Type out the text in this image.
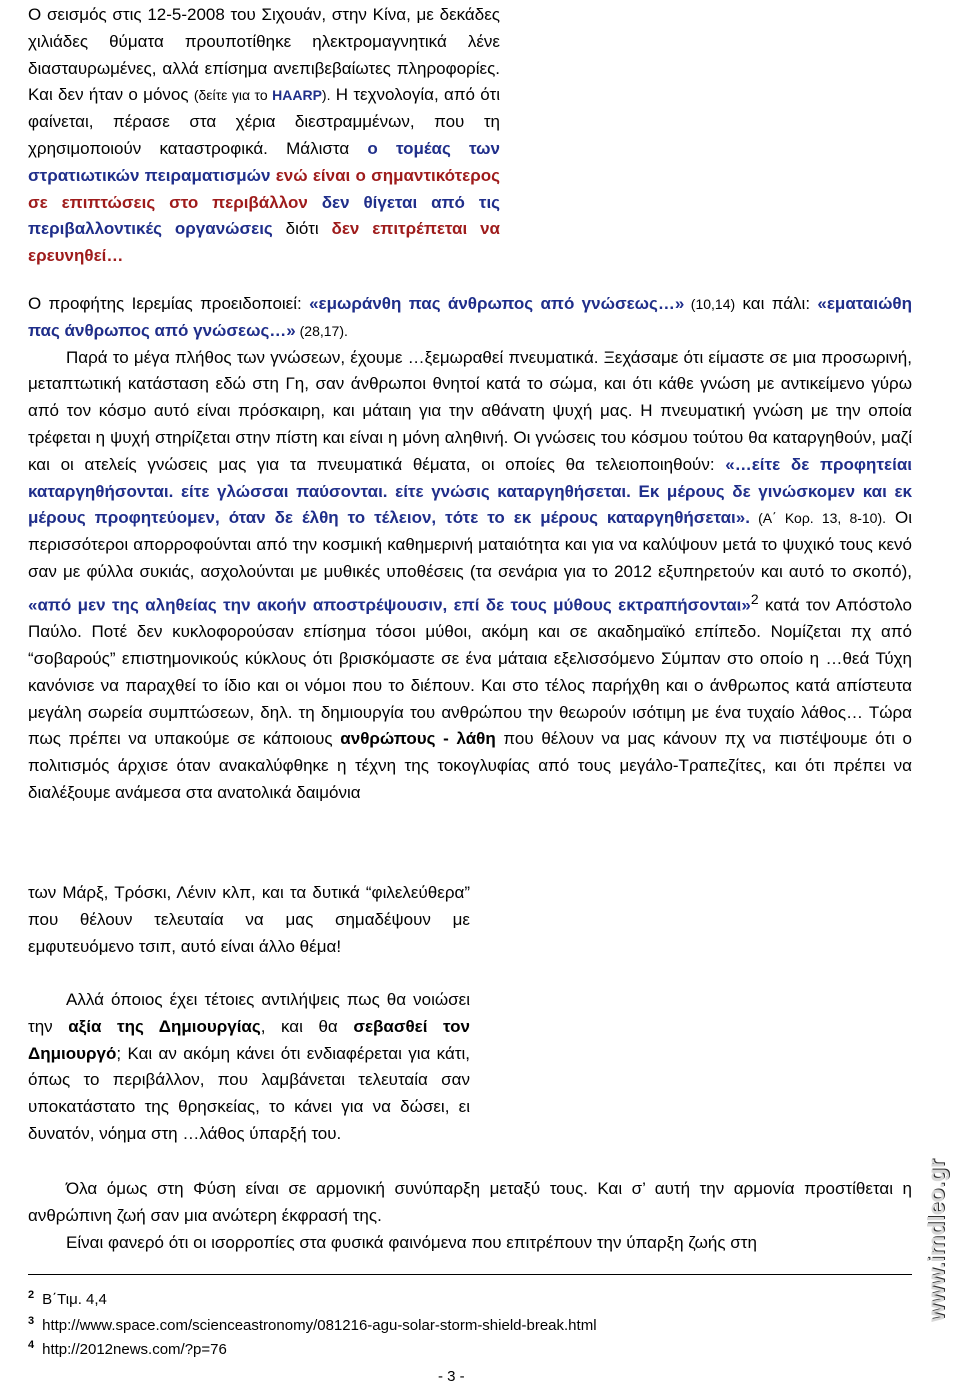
Ο σεισμός στις 12-5-2008 του Σιχουάν, στην Κίνα, με δεκάδες χιλιάδες θύματα προυποτίθηκε ηλεκτρομαγνητικά λένε διασταυρωμένες, αλλά επίσημα ανεπιβεβαίωτες πληροφορίες. Και δεν ήταν ο μόνος (δείτε για το HAARP). Η τεχνολογία, από ότι φαίνεται, πέρασε στα χέρια διεστραμμένων, που τη χρησιμοποιούν καταστροφικά. Μάλιστα ο τομέας των στρατιωτικών πειραματισμών ενώ είναι ο σημαντικότερος σε επιπτώσεις στο περιβάλλον δεν θίγεται από τις περιβαλλοντικές οργανώσεις διότι δεν επιτρέπεται να ερευνηθεί…

Ο προφήτης Ιερεμίας προειδοποιεί: «εμωράνθη πας άνθρωπος από γνώσεως…» (10,14) και πάλι: «εματαιώθη πας άνθρωπος από γνώσεως…» (28,17).

Παρά το μέγα πλήθος των γνώσεων, έχουμε …ξεμωραθεί πνευματικά. Ξεχάσαμε ότι είμαστε σε μια προσωρινή, μεταπτωτική κατάσταση εδώ στη Γη, σαν άνθρωποι θνητοί κατά το σώμα, και ότι κάθε γνώση με αντικείμενο γύρω από τον κόσμο αυτό είναι πρόσκαιρη, και μάταιη για την αθάνατη ψυχή μας. Η πνευματική γνώση με την οποία τρέφεται η ψυχή στηρίζεται στην πίστη και είναι η μόνη αληθινή. Οι γνώσεις του κόσμου τούτου θα καταργηθούν, μαζί και οι ατελείς γνώσεις μας για τα πνευματικά θέματα, οι οποίες θα τελειοποιηθούν: «…είτε δε προφητείαι καταργηθήσονται. είτε γλώσσαι παύσονται. είτε γνώσις καταργηθήσεται. Εκ μέρους δε γινώσκομεν και εκ μέρους προφητεύομεν, όταν δε έλθη το τέλειον, τότε το εκ μέρους καταργηθήσεται». (Α΄ Κορ. 13, 8-10). Οι περισσότεροι απορροφούνται από την κοσμική καθημερινή ματαιότητα και για να καλύψουν μετά το ψυχικό τους κενό σαν με φύλλα συκιάς, ασχολούνται με μυθικές υποθέσεις (τα σενάρια για το 2012 εξυπηρετούν και αυτό το σκοπό), «από μεν της αληθείας την ακοήν αποστρέψουσιν, επί δε τους μύθους εκτραπήσονται»$^2$ κατά τον Απόστολο Παύλο. Ποτέ δεν κυκλοφορούσαν επίσημα τόσοι μύθοι, ακόμη και σε ακαδημαϊκό επίπεδο. Νομίζεται πχ από “σοβαρούς” επιστημονικούς κύκλους ότι βρισκόμαστε σε ένα μάταια εξελισσόμενο Σύμπαν στο οποίο η …θεά Τύχη κανόνισε να παραχθεί το ίδιο και οι νόμοι που το διέπουν. Και στο τέλος παρήχθη και ο άνθρωπος κατά απίστευτα μεγάλη σωρεία συμπτώσεων, δηλ. τη δημιουργία του ανθρώπου την θεωρούν ισότιμη με ένα τυχαίο λάθος… Τώρα πως πρέπει να υπακούμε σε κάποιους ανθρώπους - λάθη που θέλουν να μας κάνουν πχ να πιστέψουμε ότι ο πολιτισμός άρχισε όταν ανακαλύφθηκε η τέχνη της τοκογλυφίας από τους μεγάλο-Τραπεζίτες, και ότι πρέπει να διαλέξουμε ανάμεσα στα ανατολικά δαιμόνια

των Μάρξ, Τρόσκι, Λένιν κλπ, και τα δυτικά “φιλελεύθερα” που θέλουν τελευταία να μας σημαδέψουν με εμφυτευόμενο τσιπ, αυτό είναι άλλο θέμα!

Αλλά όποιος έχει τέτοιες αντιλήψεις πως θα νοιώσει την αξία της Δημιουργίας, και θα σεβασθεί τον Δημιουργό; Και αν ακόμη κάνει ότι ενδιαφέρεται για κάτι, όπως το περιβάλλον, που λαμβάνεται τελευταία σαν υποκατάστατο της θρησκείας, το κάνει για να δώσει, ει δυνατόν, νόημα στη …λάθος ύπαρξή του.

Όλα όμως στη Φύση είναι σε αρμονική συνύπαρξη μεταξύ τους. Και σ’ αυτή την αρμονία προστίθεται η ανθρώπινη ζωή σαν μια ανώτερη έκφρασή της.

Είναι φανερό ότι οι ισορροπίες στα φυσικά φαινόμενα που επιτρέπουν την ύπαρξη ζωής στη

$^2$ Β΄Τιμ. 4,4
$^3$ http://www.space.com/scienceastronomy/081216-agu-solar-storm-shield-break.html
$^4$ http://2012news.com/?p=76
- 3 -
www.imdleo.gr
